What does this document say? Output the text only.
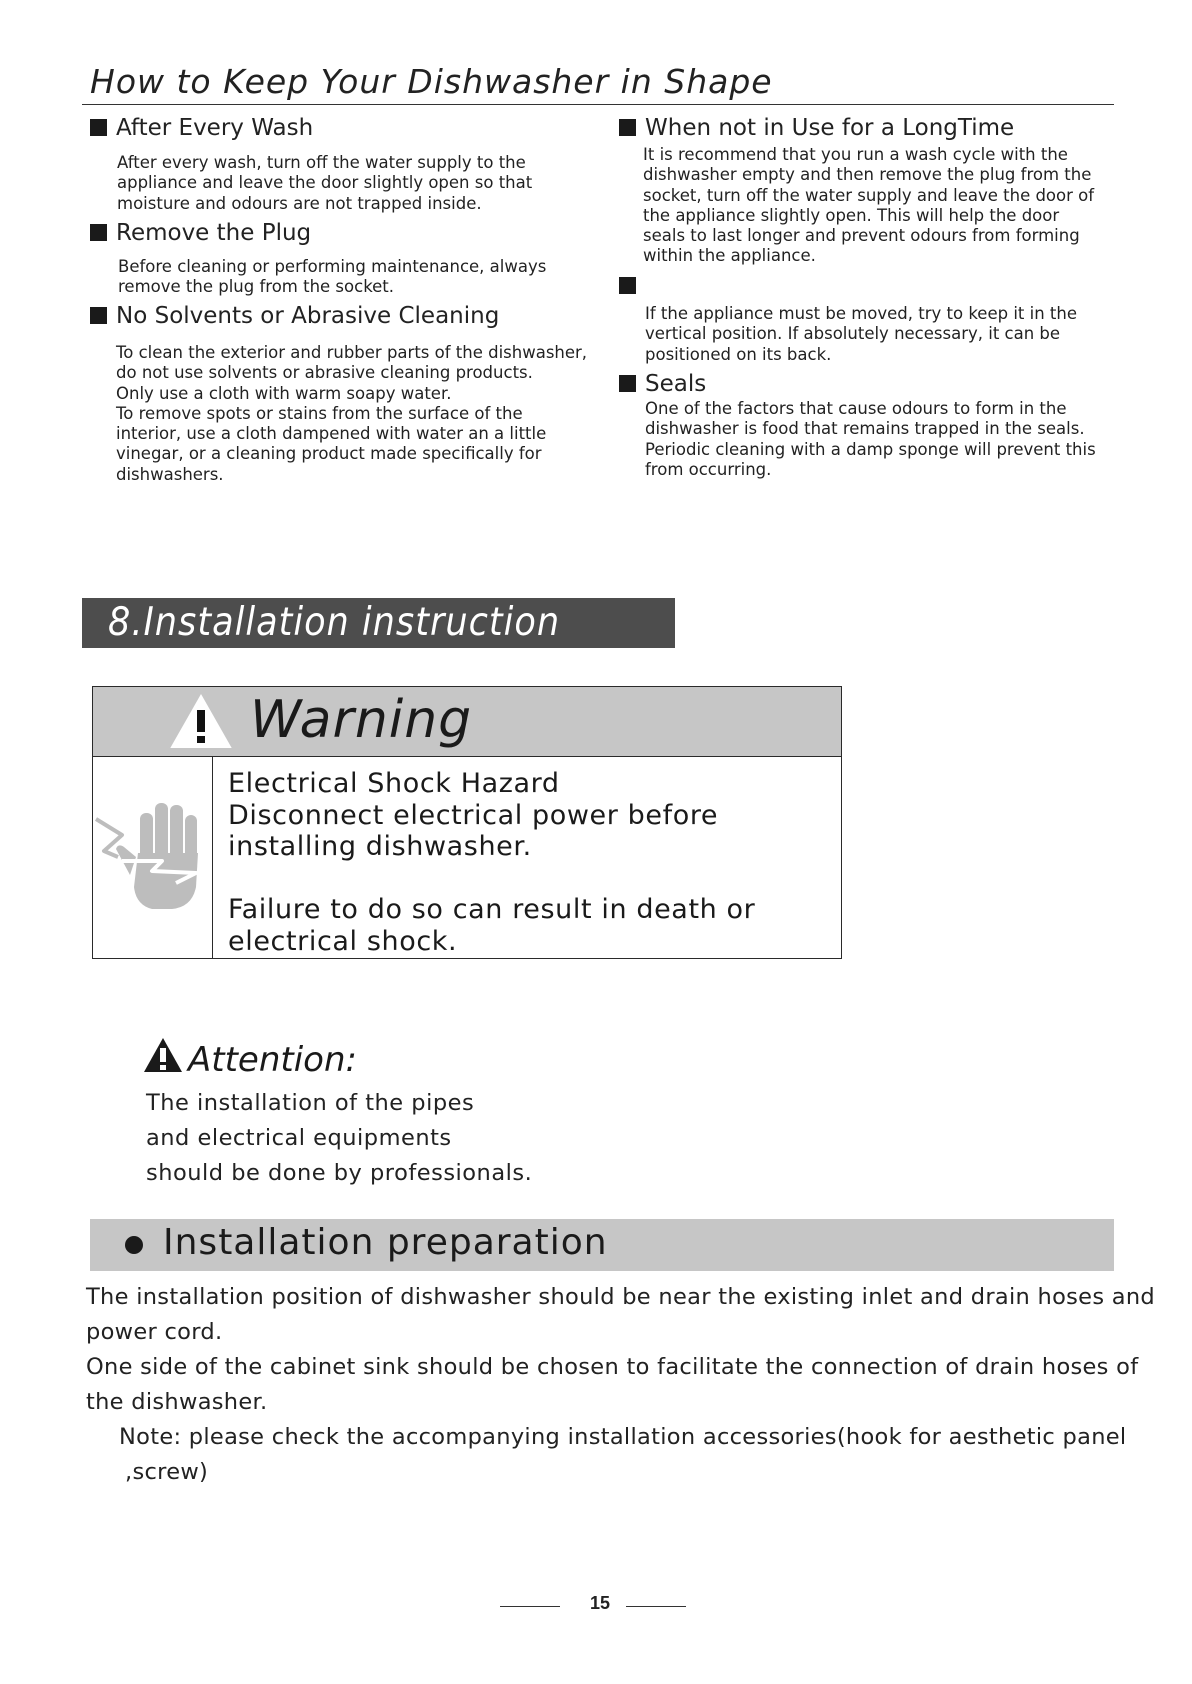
How to Keep Your Dishwasher in Shape
After Every Wash
After every wash, turn off the water supply to the
appliance and leave the door slightly open so that
moisture and odours are not trapped inside.
Remove the Plug
Before cleaning or performing maintenance, always
remove the plug from the socket.
No Solvents or Abrasive Cleaning
To clean the exterior and rubber parts of the dishwasher,
do not use solvents or abrasive cleaning products.
Only use a cloth with warm soapy water.
To remove spots or stains from the surface of the
interior, use a cloth dampened with water an a little
vinegar, or a cleaning product made specifically for
dishwashers.
When not in Use for a LongTime
It is recommend that you run a wash cycle with the
dishwasher empty and then remove the plug from the
socket, turn off the water supply and leave the door of
the appliance slightly open. This will help the door
seals to last longer and prevent odours from forming
within the appliance.
If the appliance must be moved, try to keep it in the
vertical position. If absolutely necessary, it can be
positioned on its back.
Seals
One of the factors that cause odours to form in the
dishwasher is food that remains trapped in the seals.
Periodic cleaning with a damp sponge will prevent this
from occurring.
8.Installation instruction
Warning
Electrical Shock Hazard
Disconnect electrical power before
installing dishwasher.
Failure to do so can result in death or
electrical shock.
Attention:
The installation of the pipes
and electrical equipments
should be done by professionals.
Installation preparation
The installation position of dishwasher should be near the existing inlet and drain hoses and
power cord.
One side of the cabinet sink should be chosen to facilitate the connection of drain hoses of
the dishwasher.
Note: please check the accompanying installation accessories(hook for aesthetic panel
,screw)
15
